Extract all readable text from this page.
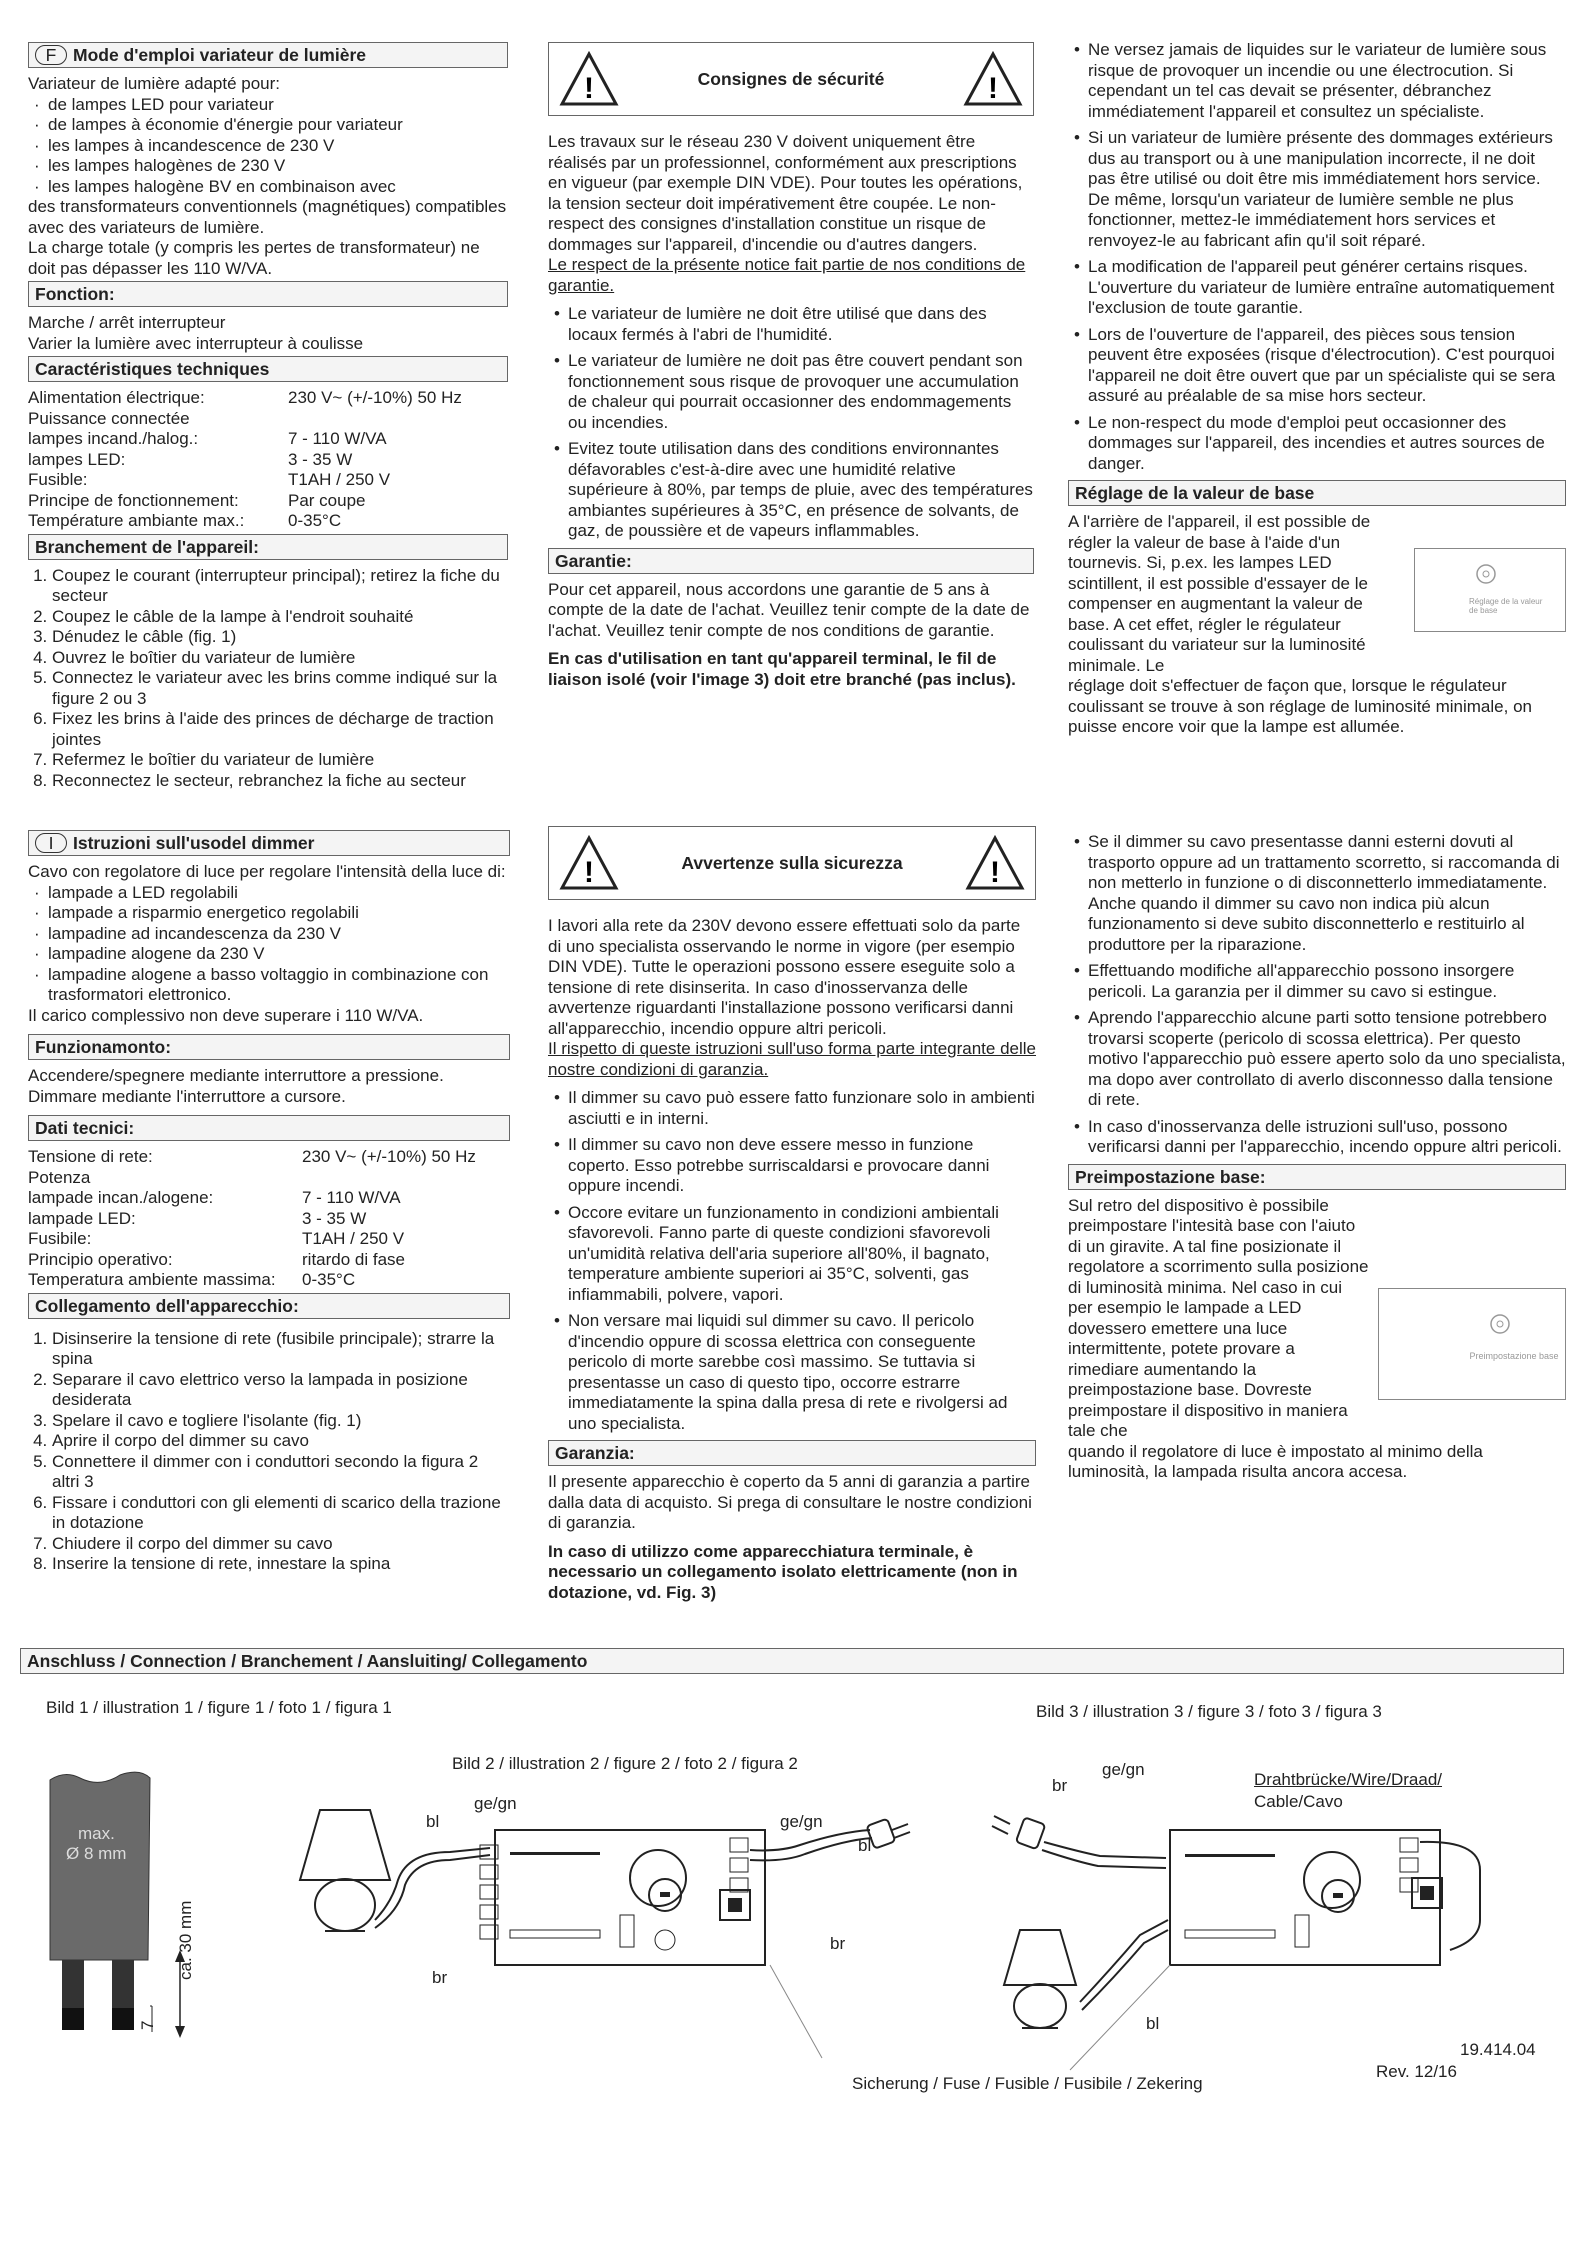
F Mode d'emploi variateur de lumière

Variateur de lumière adapté pour:

· de lampes LED pour variateur
· de lampes à économie d'énergie pour variateur
· les lampes à incandescence de 230 V
· les lampes halogènes de 230 V
· les lampes halogène BV en combinaison avec

des transformateurs conventionnels (magnétiques) compatibles avec des variateurs de lumière.

La charge totale (y compris les pertes de transformateur) ne doit pas dépasser les 110 W/VA.

Fonction:

Marche / arrêt interrupteur

Varier la lumière avec interrupteur à coulisse

Caractéristiques techniques
Alimentation électrique:	230 V~ (+/-10%) 50 Hz
Puissance connectée
lampes incand./halog.:	7 - 110 W/VA
lampes LED:	3 - 35 W
Fusible:	T1AH / 250 V
Principe de fonctionnement:	Par coupe
Température ambiante max.:	0-35°C
Branchement de l'appareil:
1. Coupez le courant (interrupteur principal); retirez la fiche du secteur
2. Coupez le câble de la lampe à l'endroit souhaité
3. Dénudez le câble (fig. 1)
4. Ouvrez le boîtier du variateur de lumière
5. Connectez le variateur avec les brins comme indiqué sur la figure 2 ou 3
6. Fixez les brins à l'aide des princes de décharge de traction jointes
7. Refermez le boîtier du variateur de lumière
8. Reconnectez le secteur, rebranchez la fiche au secteur
!	Consignes de sécurité	!

Les travaux sur le réseau 230 V doivent uniquement être réalisés par un professionnel, conformément aux prescriptions en vigueur (par exemple DIN VDE). Pour toutes les opérations, la tension secteur doit impérativement être coupée. Le non-respect des consignes d'installation constitue un risque de dommages sur l'appareil, d'incendie ou d'autres dangers.

Le respect de la présente notice fait partie de nos conditions de garantie.

• Le variateur de lumière ne doit être utilisé que dans des locaux fermés à l'abri de l'humidité.
• Le variateur de lumière ne doit pas être couvert pendant son fonctionnement sous risque de provoquer une accumulation de chaleur qui pourrait occasionner des endommagements ou incendies.
• Evitez toute utilisation dans des conditions environnantes défavorables c'est-à-dire avec une humidité relative supérieure à 80%, par temps de pluie, avec des températures ambiantes supérieures à 35°C, en présence de solvants, de gaz, de poussière et de vapeurs inflammables.
Garantie:

Pour cet appareil, nous accordons une garantie de 5 ans à compte de la date de l'achat. Veuillez tenir compte de la date de l'achat. Veuillez tenir compte de nos conditions de garantie.

En cas d'utilisation en tant qu'appareil terminal, le fil de liaison isolé (voir l'image 3) doit etre branché (pas inclus).

• Ne versez jamais de liquides sur le variateur de lumière sous risque de provoquer un incendie ou une électrocution. Si cependant un tel cas devait se présenter, débranchez immédiatement l'appareil et consultez un spécialiste.
• Si un variateur de lumière présente des dommages extérieurs dus au transport ou à une manipulation incorrecte, il ne doit pas être utilisé ou doit être mis immédiatement hors service. De même, lorsqu'un variateur de lumière semble ne plus fonctionner, mettez-le immédiatement hors services et renvoyez-le au fabricant afin qu'il soit réparé.
• La modification de l'appareil peut générer certains risques. L'ouverture du variateur de lumière entraîne automatiquement l'exclusion de toute garantie.
• Lors de l'ouverture de l'appareil, des pièces sous tension peuvent être exposées (risque d'électrocution). C'est pourquoi l'appareil ne doit être ouvert que par un spécialiste qui se sera assuré au préalable de sa mise hors secteur.
• Le non-respect du mode d'emploi peut occasionner des dommages sur l'appareil, des incendies et autres sources de danger.
Réglage de la valeur de base
Réglage de la valeur de base

A l'arrière de l'appareil, il est possible de régler la valeur de base à l'aide d'un tournevis. Si, p.ex. les lampes LED scintillent, il est possible d'essayer de le compenser en augmentant la valeur de base. A cet effet, régler le régulateur coulissant du variateur sur la luminosité minimale. Le

réglage doit s'effectuer de façon que, lorsque le régulateur coulissant se trouve à son réglage de luminosité minimale, on puisse encore voir que la lampe est allumée.

I Istruzioni sull'usodel dimmer

Cavo con regolatore di luce per regolare l'intensità della luce di:

· lampade a LED regolabili
· lampade a risparmio energetico regolabili
· lampadine ad incandescenza da 230 V
· lampadine alogene da 230 V
· lampadine alogene a basso voltaggio in combinazione con trasformatori elettronico.

Il carico complessivo non deve superare i 110 W/VA.

Funzionamonto:

Accendere/spegnere mediante interruttore a pressione.

Dimmare mediante l'interruttore a cursore.

Dati tecnici:
Tensione di rete:	230 V~ (+/-10%) 50 Hz
Potenza
lampade incan./alogene:	7 - 110 W/VA
lampade LED:	3 - 35 W
Fusibile:	T1AH / 250 V
Principio operativo:	ritardo di fase
Temperatura ambiente massima:	0-35°C
Collegamento dell'apparecchio:
1. Disinserire la tensione di rete (fusibile principale); strarre la spina
2. Separare il cavo elettrico verso la lampada in posizione desiderata
3. Spelare il cavo e togliere l'isolante (fig. 1)
4. Aprire il corpo del dimmer su cavo
5. Connettere il dimmer con i conduttori secondo la figura 2 altri 3
6. Fissare i conduttori con gli elementi di scarico della trazione in dotazione
7. Chiudere il corpo del dimmer su cavo
8. Inserire la tensione di rete, innestare la spina
!	Avvertenze sulla sicurezza	!

I lavori alla rete da 230V devono essere effettuati solo da parte di uno specialista osservando le norme in vigore (per esempio DIN VDE). Tutte le operazioni possono essere eseguite solo a tensione di rete disinserita. In caso d'inosservanza delle avvertenze riguardanti l'installazione possono verificarsi danni all'apparecchio, incendio oppure altri pericoli.

Il rispetto di queste istruzioni sull'uso forma parte integrante delle nostre condizioni di garanzia.

• Il dimmer su cavo può essere fatto funzionare solo in ambienti asciutti e in interni.
• Il dimmer su cavo non deve essere messo in funzione coperto. Esso potrebbe surriscaldarsi e provocare danni oppure incendi.
• Occore evitare un funzionamento in condizioni ambientali sfavorevoli. Fanno parte di queste condizioni sfavorevoli un'umidità relativa dell'aria superiore all'80%, il bagnato, temperature ambiente superiori ai 35°C, solventi, gas infiammabili, polvere, vapori.
• Non versare mai liquidi sul dimmer su cavo. Il pericolo d'incendio oppure di scossa elettrica con conseguente pericolo di morte sarebbe così massimo. Se tuttavia si presentasse un caso di questo tipo, occorre estrarre immediatamente la spina dalla presa di rete e rivolgersi ad uno specialista.
Garanzia:

Il presente apparecchio è coperto da 5 anni di garanzia a partire dalla data di acquisto. Si prega di consultare le nostre condizioni di garanzia.

In caso di utilizzo come apparecchiatura terminale, è necessario un collegamento isolato elettricamente (non in dotazione, vd. Fig. 3)

• Se il dimmer su cavo presentasse danni esterni dovuti al trasporto oppure ad un trattamento scorretto, si raccomanda di non metterlo in funzione o di disconnetterlo immediatamente. Anche quando il dimmer su cavo non indica più alcun funzionamento si deve subito disconnetterlo e restituirlo al produttore per la riparazione.
• Effettuando modifiche all'apparecchio possono insorgere pericoli. La garanzia per il dimmer su cavo si estingue.
• Aprendo l'apparecchio alcune parti sotto tensione potrebbero trovarsi scoperte (pericolo di scossa elettrica). Per questo motivo l'apparecchio può essere aperto solo da uno specialista, ma dopo aver controllato di averlo disconnesso dalla tensione di rete.
• In caso d'inosservanza delle istruzioni sull'uso, possono verificarsi danni per l'apparecchio, incendo oppure altri pericoli.
Preimpostazione base:
Preimpostazione base

Sul retro del dispositivo è possibile preimpostare l'intesità base con l'aiuto di un giravite. A tal fine posizionate il regolatore a scorrimento sulla posizione di luminosità minima. Nel caso in cui per esempio le lampade a LED dovessero emettere una luce intermittente, potete provare a rimediare aumentando la preimpostazione base. Dovreste preimpostare il dispositivo in maniera tale che

quando il regolatore di luce è impostato al minimo della luminosità, la lampada risulta ancora accesa.

Anschluss / Connection / Branchement / Aansluiting/ Collegamento
Bild 1 / illustration 1 / figure 1 / foto 1 / figura 1
Bild 2 / illustration 2 / figure 2 / foto 2 / figura 2
Bild 3 / illustration 3 / figure 3 / foto 3 / figura 3
max.
Ø 8 mm
ca. 30 mm
7
bl
ge/gn
br
ge/gn
bl
br
br
ge/gn
bl
Drahtbrücke/Wire/Draad/
Cable/Cavo
Sicherung / Fuse / Fusible / Fusibile / Zekering
19.414.04
Rev. 12/16
